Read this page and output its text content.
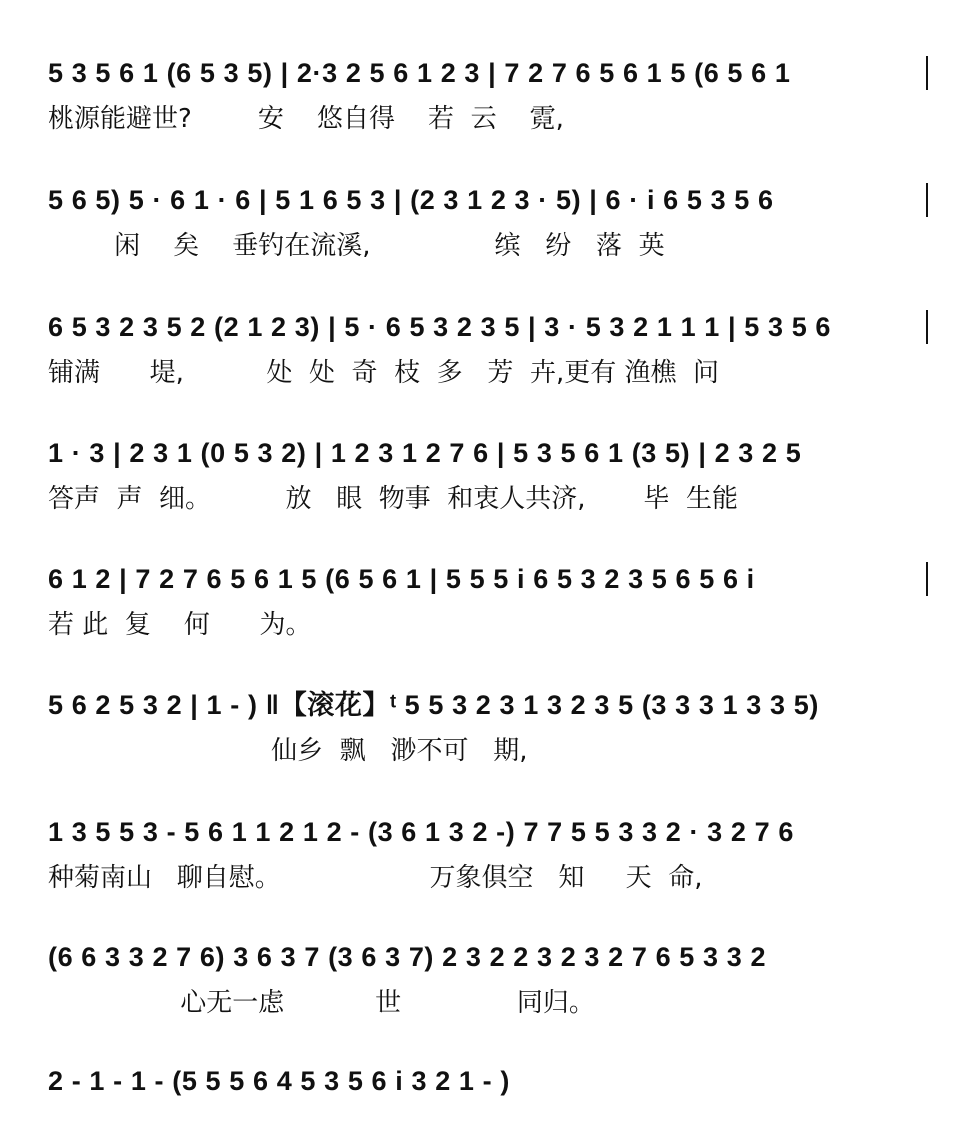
5 3 5 6 1 (6 5 3 5) | 2·3 2 5 6 1 2 3 | 7 2 7 6 5 6 1 5 (6 5 6 1
桃源能避世?        安    悠自得    若  云    霓,
5 6 5) 5 · 6 1 · 6 | 5 1 6 5 3 | (2 3 1 2 3 · 5) | 6 · i 6 5 3 5 6
闲    矣    垂钓在流溪,               缤   纷   落  英
6 5 3 2 3 5 2 (2 1 2 3) | 5 · 6 5 3 2 3 5 | 3 · 5 3 2 1 1 1 | 5 3 5 6
铺满      堤,          处  处  奇  枝  多   芳  卉,更有 渔樵  问
1 · 3 | 2 3 1 (0 5 3 2) | 1 2 3 1 2 7 6 | 5 3 5 6 1 (3 5) | 2 3 2 5
答声  声  细。         放   眼  物事  和衷人共济,       毕  生能
6 1 2 | 7 2 7 6 5 6 1 5 (6 5 6 1 | 5 5 5 i 6 5 3 2 3 5 6 5 6 i
若 此  复    何      为。
5 6 2 5 3 2 | 1 - ) ‖【滚花】ᵗ 5 5 3 2 3 1 3 2 3 5 (3 3 3 1 3 3 5)
仙乡  飘   渺不可   期,
1 3 5 5 3 - 5 6 1 1 2 1 2 - (3 6 1 3 2 -) 7 7 5 5 3 3 2 · 3 2 7 6
种菊南山   聊自慰。                  万象俱空   知     天  命,
(6 6 3 3 2 7 6) 3 6 3 7 (3 6 3 7) 2 3 2 2 3 2 3 2 7 6 5 3 3 2
心无一虑           世              同归。
2 - 1 - 1 - (5 5 5 6 4 5 3 5 6 i 3 2 1 - )
